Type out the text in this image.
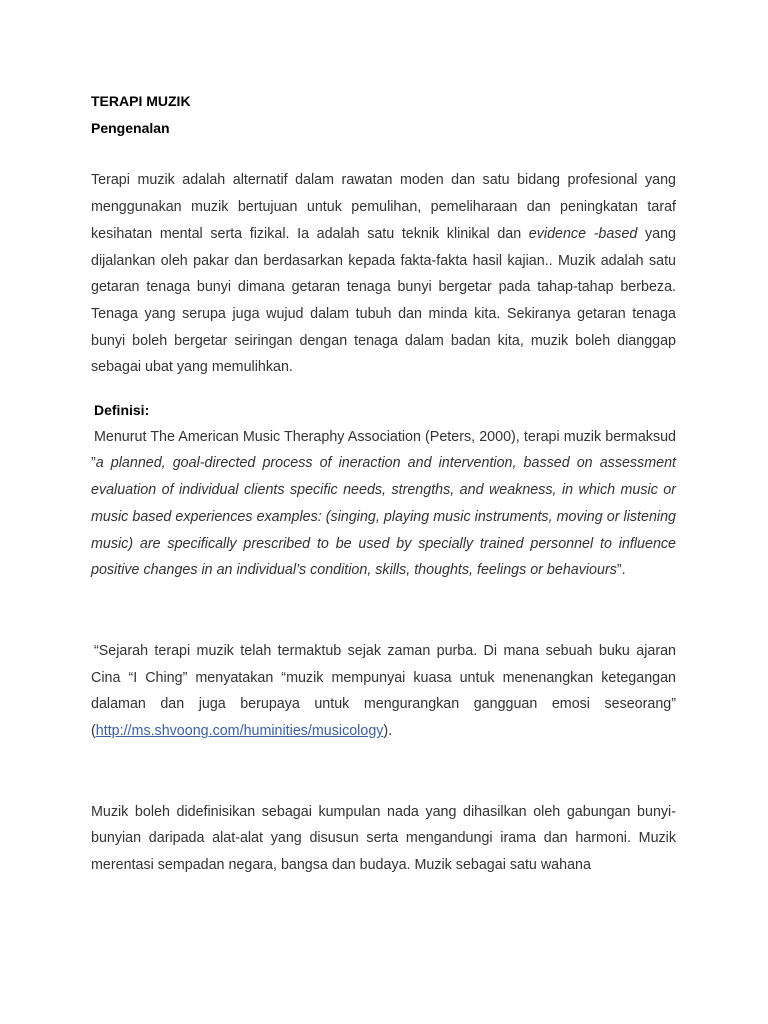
TERAPI MUZIK
Pengenalan

Terapi muzik adalah alternatif dalam rawatan moden dan satu bidang profesional yang menggunakan muzik bertujuan untuk pemulihan, pemeliharaan dan peningkatan taraf kesihatan mental serta fizikal. Ia adalah satu teknik klinikal dan evidence -based yang dijalankan oleh pakar dan berdasarkan kepada fakta-fakta hasil kajian.. Muzik adalah satu getaran tenaga bunyi dimana getaran tenaga bunyi bergetar pada tahap-tahap berbeza. Tenaga yang serupa juga wujud dalam tubuh dan minda kita. Sekiranya getaran tenaga bunyi boleh bergetar seiringan dengan tenaga dalam badan kita, muzik boleh dianggap sebagai ubat yang memulihkan.

Definisi:

Menurut The American Music Theraphy Association (Peters, 2000), terapi muzik bermaksud ”a planned, goal-directed process of ineraction and intervention, bassed on assessment evaluation of individual clients specific needs, strengths, and weakness, in which music or music based experiences examples: (singing, playing music instruments, moving or listening music) are specifically prescribed to be used by specially trained personnel to influence positive changes in an individual’s condition, skills, thoughts, feelings or behaviours”.

“Sejarah terapi muzik telah termaktub sejak zaman purba. Di mana sebuah buku ajaran Cina “I Ching” menyatakan “muzik mempunyai kuasa untuk menenangkan ketegangan dalaman dan juga berupaya untuk mengurangkan gangguan emosi seseorang” (http://ms.shvoong.com/huminities/musicology).

Muzik boleh didefinisikan sebagai kumpulan nada yang dihasilkan oleh gabungan bunyi-bunyian daripada alat-alat yang disusun serta mengandungi irama dan harmoni. Muzik merentasi sempadan negara, bangsa dan budaya. Muzik sebagai satu wahana
